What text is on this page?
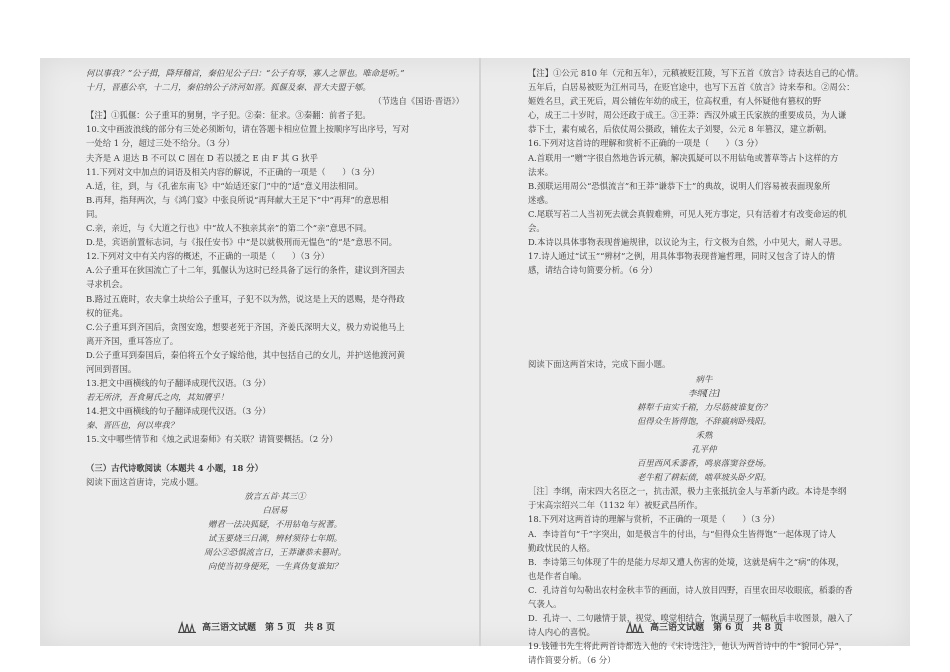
何以事我？”公子揖，降拜稽首，秦伯见公子曰：“公子有辱，寡人之罪也。唯命是听。”
十月，晋惠公卒，十二月，秦伯纳公子济河如晋。狐偃及秦、晋大夫盟于郇。
（节选自《国语·晋语》）
【注】①狐偃：公子重耳的舅舅，字子犯。②秦：征求。③秦翻：前者子犯。
10.文中画波浪线的部分有三处必须断句，请在答题卡相应位置上按顺序写出序号，写对
一处给 1 分，超过三处不给分。（3 分）
夫齐是 A 退达 B 不可以 C 固在 D 若以援之 E 由 F 其 G 狄乎
11.下列对文中加点的词语及相关内容的解说，不正确的一项是（　　）（3 分）
A.适，往，到，与《孔雀东南飞》中“始适还家门”中的“适”意义用法相同。
B.再拜，指拜两次，与《鸿门宴》中张良所说“再拜献大王足下”中“再拜”的意思相
同。
C.亲，亲近，与《大道之行也》中“故人不独亲其亲”的第二个“亲”意思不同。
D.是，宾语前置标志词，与《报任安书》中“是以就极刑而无愠色”的“是”意思不同。
12.下列对文中有关内容的概述，不正确的一项是（　　）（3 分）
A.公子重耳在狄国流亡了十二年，狐偃认为这时已经具备了远行的条件，建议到齐国去
寻求机会。
B.路过五鹿时，农夫拿土块给公子重耳，子犯不以为然，说这是上天的恩赐，是夺得政
权的征兆。
C.公子重耳到齐国后，贪图安逸，想要老死于齐国，齐姜氏深明大义，极力劝说他马上
离开齐国，重耳答应了。
D.公子重耳到秦国后，秦伯将五个女子嫁给他，其中包括自己的女儿，并护送他渡河黄
河回到晋国。
13.把文中画横线的句子翻译成现代汉语。（3 分）
若无所济，吾食舅氏之肉，其知餍乎！
14.把文中画横线的句子翻译成现代汉语。（3 分）
秦、晋匹也，何以卑我？
15.文中哪些情节和《烛之武退秦师》有关联？请简要概括。（2 分）
（三）古代诗歌阅读（本题共 4 小题，18 分）
阅读下面这首唐诗，完成小题。
放言五首·其三①
白居易
赠君一法决狐疑，不用钻龟与祝蓍。
试玉要烧三日满，辨材须待七年期。
周公②恐惧流言日，王莽谦恭未篡时。
向使当初身便死，一生真伪复谁知？
【注】①公元 810 年（元和五年），元稹被贬江陵，写下五首《放言》诗表达自己的心情。
五年后，白居易被贬为江州司马，在贬官途中，也写下五首《放言》诗来奉和。②周公：
姬姓名旦，武王死后，周公辅佐年幼的成王，位高权重，有人怀疑他有篡权的野
心，成王二十岁时，周公还政于成王。③王莽：西汉外戚王氏家族的重要成员，为人谦
恭下士，素有威名，后依仗周公摄政，辅佐太子刘婴，公元 8 年篡汉，建立新朝。
16.下列对这首诗的理解和赏析不正确的一项是（　　）（3 分）
A.首联用一“赠”字很自然地告诉元稹，解决狐疑可以不用钻龟或蓍草等占卜这样的方
法来。
B.颈联运用周公“恐惧流言”和王莽“谦恭下士”的典故，说明人们容易被表面现象所
迷惑。
C.尾联写若二人当初死去就会真假难辨，可见人死方事定，只有活着才有改变命运的机
会。
D.本诗以具体事物表现普遍规律，以议论为主，行文极为自然，小中见大，耐人寻思。
17.诗人通过“试玉”“辨材”之例，用具体事物表现普遍哲理，同时又包含了诗人的情
感，请结合诗句简要分析。（6 分）
阅读下面这两首宋诗，完成下面小题。
病牛
李纲[注]
耕犁千亩实千箱，力尽筋疲谁复伤？
但得众生皆得饱，不辞羸病卧残阳。
禾熟
孔平仲
百里西风禾黍香，鸣泉落窦谷登场。
老牛粗了耕耘债，啮草坡头卧夕阳。
［注］李纲，南宋四大名臣之一，抗击派，极力主张抵抗金人与革新内政。本诗是李纲
于宋高宗绍兴二年（1132 年）被贬武昌所作。
18.下列对这两首诗的理解与赏析，不正确的一项是（　　）（3 分）
A．李诗首句“千”字突出，如是极言牛的付出，与“但得众生皆得饱”一起体现了诗人
勤政忧民的人格。
B．李诗第三句体现了牛的是能力尽却又遭人伤害的处境，这就是病牛之“病”的体现，
也是作者自喻。
C．孔诗首句勾勒出农村金秋丰节的画面，诗人放目四野，百里农田尽收眼底，稻黍的香
气袭人。
D．孔诗一、二句融情于景，视觉、嗅觉相结合，饱满呈现了一幅秋后丰收图景，融入了
诗人内心的喜悦。
19.钱锺书先生将此两首诗都选入他的《宋诗选注》，他认为两首诗中的牛“貌同心异”，
请作简要分析。（6 分）
高三语文试题　第 5 页　共 8 页	高三语文试题　第 6 页　共 8 页
